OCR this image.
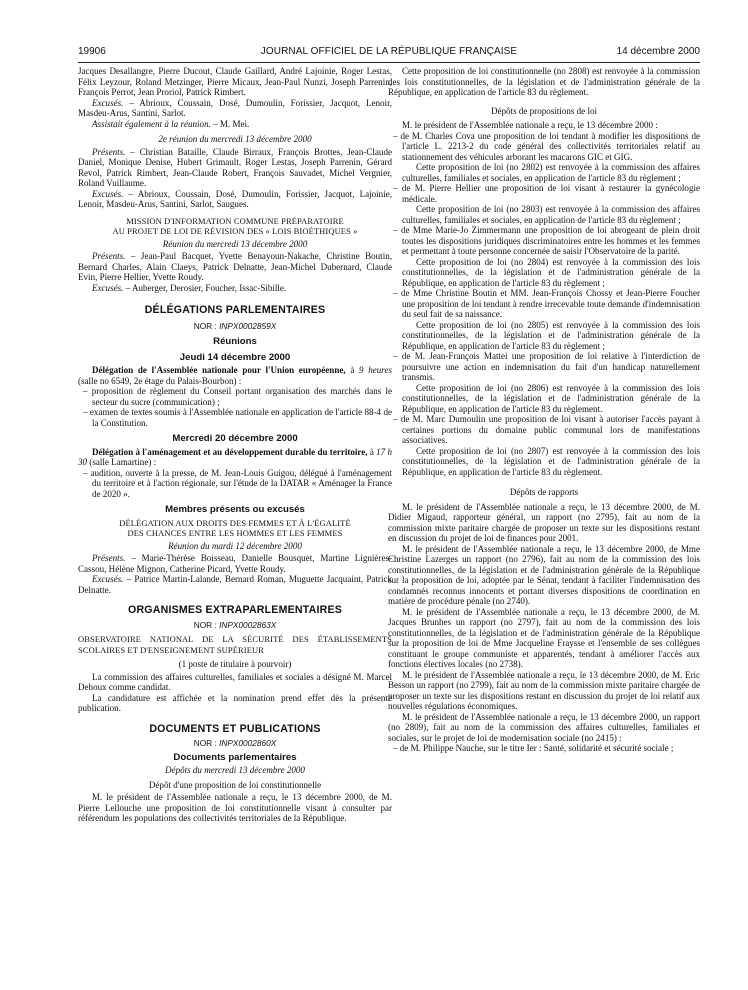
19906	JOURNAL OFFICIEL DE LA RÉPUBLIQUE FRANÇAISE	14 décembre 2000

Jacques Desallangre, Pierre Ducout, Claude Gaillard, André Lajoinie, Roger Lestas, Félix Leyzour, Roland Metzinger, Pierre Micaux, Jean-Paul Nunzi, Joseph Parrenin, François Perrot, Jean Proriol, Patrick Rimbert.

Excusés. – Abrioux, Coussain, Dosé, Dumoulin, Forissier, Jacquot, Lenoir, Masdeu-Arus, Santini, Sarlot.

Assistait également à la réunion. – M. Mei.

2e réunion du mercredi 13 décembre 2000

Présents. – Christian Bataille, Claude Birraux, François Brottes, Jean-Claude Daniel, Monique Denise, Hubert Grimault, Roger Lestas, Joseph Parrenin, Gérard Revol, Patrick Rimbert, Jean-Claude Robert, François Sauvadet, Michel Vergnier, Roland Vuillaume.

Excusés. – Abrioux, Coussain, Dosé, Dumoulin, Forissier, Jacquot, Lajoinie, Lenoir, Masdeu-Arus, Santini, Sarlot, Saugues.

MISSION D'INFORMATION COMMUNE PRÉPARATOIRE

AU PROJET DE LOI DE RÉVISION DES « LOIS BIOÉTHIQUES »

Réunion du mercredi 13 décembre 2000

Présents. – Jean-Paul Bacquet, Yvette Benayoun-Nakache, Christine Boutin, Bernard Charles, Alain Claeys, Patrick Delnatte, Jean-Michel Dubernard, Claude Evin, Pierre Hellier, Yvette Roudy.

Excusés. – Auberger, Derosier, Foucher, Issac-Sibille.

DÉLÉGATIONS PARLEMENTAIRES

NOR : INPX0002859X

Réunions

Jeudi 14 décembre 2000

Délégation de l'Assemblée nationale pour l'Union européenne, à 9 heures (salle no 6549, 2e étage du Palais-Bourbon) :

– proposition de règlement du Conseil portant organisation des marchés dans le secteur du sucre (communication) ;

– examen de textes soumis à l'Assemblée nationale en application de l'article 88-4 de la Constitution.

Mercredi 20 décembre 2000

Délégation à l'aménagement et au développement durable du territoire, à 17 h 30 (salle Lamartine) :

– audition, ouverte à la presse, de M. Jean-Louis Guigou, délégué à l'aménagement du territoire et à l'action régionale, sur l'étude de la DATAR « Aménager la France de 2020 ».

Membres présents ou excusés

DÉLÉGATION AUX DROITS DES FEMMES ET À L'ÉGALITÉ

DES CHANCES ENTRE LES HOMMES ET LES FEMMES

Réunion du mardi 12 décembre 2000

Présents. – Marie-Thérèse Boisseau, Danielle Bousquet, Martine Lignières-Cassou, Hélène Mignon, Catherine Picard, Yvette Roudy.

Excusés. – Patrice Martin-Lalande, Bernard Roman, Muguette Jacquaint, Patrick Delnatte.

ORGANISMES EXTRAPARLEMENTAIRES

NOR : INPX0002863X

OBSERVATOIRE NATIONAL DE LA SÉCURITÉ DES ÉTABLISSEMENTS SCOLAIRES ET D'ENSEIGNEMENT SUPÉRIEUR

(1 poste de titulaire à pourvoir)

La commission des affaires culturelles, familiales et sociales a désigné M. Marcel Dehoux comme candidat.

La candidature est affichée et la nomination prend effet dès la présente publication.

DOCUMENTS ET PUBLICATIONS

NOR : INPX0002860X

Documents parlementaires

Dépôts du mercredi 13 décembre 2000

Dépôt d'une proposition de loi constitutionnelle

M. le président de l'Assemblée nationale a reçu, le 13 décembre 2000, de M. Pierre Lellouche une proposition de loi constitutionnelle visant à consulter par référendum les populations des collectivités territoriales de la République.

Cette proposition de loi constitutionnelle (no 2808) est renvoyée à la commission des lois constitutionnelles, de la législation et de l'administration générale de la République, en application de l'article 83 du règlement.

Dépôts de propositions de loi

M. le président de l'Assemblée nationale a reçu, le 13 décembre 2000 :

– de M. Charles Cova une proposition de loi tendant à modifier les dispositions de l'article L. 2213-2 du code général des collectivités territoriales relatif au stationnement des véhicules arborant les macarons GIC et GIG.

Cette proposition de loi (no 2802) est renvoyée à la commission des affaires culturelles, familiales et sociales, en application de l'article 83 du règlement ;

– de M. Pierre Hellier une proposition de loi visant à restaurer la gynécologie médicale.

Cette proposition de loi (no 2803) est renvoyée à la commission des affaires culturelles, familiales et sociales, en application de l'article 83 du règlement ;

– de Mme Marie-Jo Zimmermann une proposition de loi abrogeant de plein droit toutes les dispositions juridiques discriminatoires entre les hommes et les femmes et permettant à toute personne concernée de saisir l'Observatoire de la parité.

Cette proposition de loi (no 2804) est renvoyée à la commission des lois constitutionnelles, de la législation et de l'administration générale de la République, en application de l'article 83 du règlement ;

– de Mme Christine Boutin et MM. Jean-François Chossy et Jean-Pierre Foucher une proposition de loi tendant à rendre irrecevable toute demande d'indemnisation du seul fait de sa naissance.

Cette proposition de loi (no 2805) est renvoyée à la commission des lois constitutionnelles, de la législation et de l'administration générale de la République, en application de l'article 83 du règlement ;

– de M. Jean-François Mattei une proposition de loi relative à l'interdiction de poursuivre une action en indemnisation du fait d'un handicap naturellement transmis.

Cette proposition de loi (no 2806) est renvoyée à la commission des lois constitutionnelles, de la législation et de l'administration générale de la République, en application de l'article 83 du règlement.

– de M. Marc Dumoulin une proposition de loi visant à autoriser l'accès payant à certaines portions du domaine public communal lors de manifestations associatives.

Cette proposition de loi (no 2807) est renvoyée à la commission des lois constitutionnelles, de la législation et de l'administration générale de la République, en application de l'article 83 du règlement.

Dépôts de rapports

M. le président de l'Assemblée nationale a reçu, le 13 décembre 2000, de M. Didier Migaud, rapporteur général, un rapport (no 2795), fait au nom de la commission mixte paritaire chargée de proposer un texte sur les dispositions restant en discussion du projet de loi de finances pour 2001.

M. le président de l'Assemblée nationale a reçu, le 13 décembre 2000, de Mme Christine Lazerges un rapport (no 2796), fait au nom de la commission des lois constitutionnelles, de la législation et de l'administration générale de la République sur la proposition de loi, adoptée par le Sénat, tendant à faciliter l'indemnisation des condamnés reconnus innocents et portant diverses dispositions de coordination en matière de procédure pénale (no 2740).

M. le président de l'Assemblée nationale a reçu, le 13 décembre 2000, de M. Jacques Brunhes un rapport (no 2797), fait au nom de la commission des lois constitutionnelles, de la législation et de l'administration générale de la République sur la proposition de loi de Mme Jacqueline Fraysse et l'ensemble de ses collègues constituant le groupe communiste et apparentés, tendant à améliorer l'accès aux fonctions électives locales (no 2738).

M. le président de l'Assemblée nationale a reçu, le 13 décembre 2000, de M. Eric Besson un rapport (no 2799), fait au nom de la commission mixte paritaire chargée de proposer un texte sur les dispositions restant en discussion du projet de loi relatif aux nouvelles régulations économiques.

M. le président de l'Assemblée nationale a reçu, le 13 décembre 2000, un rapport (no 2809), fait au nom de la commission des affaires culturelles, familiales et sociales, sur le projet de loi de modernisation sociale (no 2415) :

– de M. Philippe Nauche, sur le titre Ier : Santé, solidarité et sécurité sociale ;
